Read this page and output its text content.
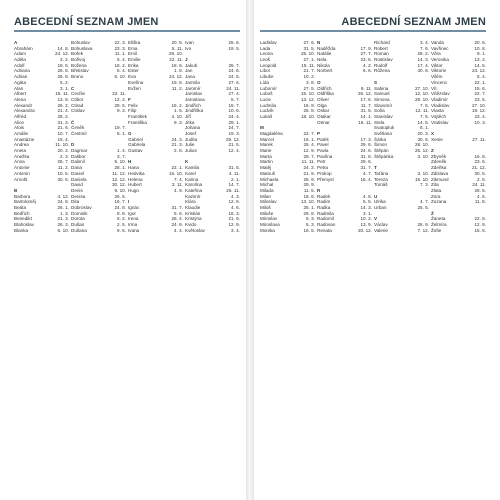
ABECEDNÍ SEZNAM JMEN
A
Abrahám	14. 8.
Adam	24. 12.
Adéla	3. 2.
Adolf	18. 6.
Adriana	26. 8.
Adrian	26. 8.
Agáta	5. 2.
Alan	3. 1.
Albert	15. 11.
Alena	13. 8.
Alexandr	26. 2.
Alexandra	21. 4.
Alfréd	28. 2.
Alice	31. 3.
Alois	21. 6.
Amálie	10. 7.
Anastázie	15. 4.
Andrea	11. 10.
Aneta	20. 2.
Anežka	2. 3.
Anna	26. 7.
Antonie	11. 2.
Antonín	10. 5.
Arnošt	30. 6.
B
Barbora	4. 12.
Bartoloměj	24. 8.
Beáta	26. 1.
Bedřich	1. 3.
Benedikt	21. 3.
Blahoslav	26. 3.
Blanka	6. 10.
Bohuslav	22. 3.
Bohuslava	23. 3.
Bořek	11. 1.
Bořivoj	6. 4.
Božena	18. 2.
Břetislav	6. 4.
Bruno	6. 10.
C
Cecílie	22. 11.
Ctibor	12. 2.
Ctirad	28. 6.
Ctislav	9. 3.
Č
Čeněk	19. 7.
Čestmír	5. 1.
D
Dagmar	1. 4.
Dalibor	3. 7.
Dalimil	5. 10.
Dana	28. 1.
Daniel	11. 12.
Daniela	12. 12.
David	30. 12.
Denis	9. 10.
Denisa	26. 5.
Dita	16. 7.
Dobroslav	24. 8.
Dominik	8. 8.
Dorota	6. 2.
Dušan	2. 5.
Dušana	9. 5.
Eliška	20. 5.
Ema	5. 11.
Emil	28. 10.
Emilie	22. 11.
Erika	18. 6.
Ester	1. 8.
Eva	24. 12.
Evelína	19. 8.
Evžen	11. 2.
F
Felix	15. 2.
Filip	1. 5.
František	4. 10.
Františka	9. 3.
G
Gabriel	24. 3.
Gabriela	21. 3.
Gustav	2. 8.
H
Hana	22. 1.
Hedvika	16. 10.
Helena	7. 4.
Hubert	3. 11.
Hugo	4. 9.
I
Ignác	31. 7.
Igor	5. 6.
Irena	28. 4.
Irma	24. 9.
Ivana	4. 4.
Ivan	25. 6.
Ivo	19. 5.
J
Jakub	25. 7.
Jan	24. 6.
Jana	24. 5.
Jarmila	27. 6.
Jaromír	24. 11.
Jaroslav	27. 4.
Jaroslava	5. 7.
Jindřich	15. 7.
Jindřiška	10. 6.
Jiří	24. 4.
Jitka	29. 1.
Johana	24. 7.
Josef	19. 3.
Judita	29. 12.
Julie	21. 5.
Julius	12. 4.
K
Kamila	31. 5.
Karel	4. 11.
Karina	2. 1.
Karolína	14. 7.
Kateřina	25. 11.
Kazimír	4. 3.
Klára	12. 8.
Klaudie	4. 6.
Kristián	16. 3.
Kristýna	21. 9.
Kvido	12. 9.
Květoslav	3. 4.
ABECEDNÍ SEZNAM JMEN
Ladislav	27. 6.
Lada	31. 5.
Leona	25. 10.
Leoš	27. 1.
Leopold	15. 11.
Libor	21. 7.
Libuše	10. 2.
Lída	3. 8.
Lubomír	27. 5.
Luboš	15. 10.
Lucie	13. 12.
Ludmila	16. 9.
Ludvík	25. 8.
Lukáš	18. 10.
M
Magdaléna	22. 7.
Marcel	16. 1.
Marek	25. 4.
Marie	12. 9.
Marta	29. 7.
Martin	11. 11.
Matěj	24. 2.
Matouš	21. 9.
Michaela	28. 9.
Michal	29. 9.
Milada	11. 5.
Milan	18. 6.
Miloslav	13. 10.
Miloš	25. 1.
Miluše	29. 8.
Miroslav	6. 3.
Miroslava	5. 3.
Monika	16. 5.
N
Naděžda	17. 9.
Natálie	27. 7.
Nela	23. 6.
Nikola	4. 2.
Norbert	6. 6.
O
Oldřich	9. 11.
Oldřiška	26. 12.
Oliver	17. 6.
Olga	11. 7.
Oskar	31. 5.
Otakar	14. 1.
Otmar	16. 11.
P
Patrik	17. 3.
Pavel	29. 6.
Pavla	24. 6.
Pavlína	31. 8.
Petr	29. 6.
Petra	31. 7.
Prokop	4. 7.
Přemysl	16. 4.
R
Radek	4. 6.
Radim	5. 5.
Radka	14. 3.
Radmila	3. 1.
Radomil	10. 2.
Radovan	13. 9.
Renata	20. 12.
Richard	3. 4.
Robert	7. 6.
Roman	28. 2.
Rostislav	14. 3.
Rudolf	17. 4.
Růžena	30. 8.
S
Sabina	27. 10.
Samuel	12. 10.
Simona	28. 10.
Slavomír	7. 5.
Soňa	12. 11.
Stanislav	7. 5.
Stela	14. 5.
Svatopluk	6. 1.
Světlana	20. 3.
Šárka	30. 6.
Šimon	28. 10.
Štěpán	26. 12.
Štěpánka	3. 10.
T
Taťána	3. 10.
Tereza	15. 10.
Tomáš	7. 3.
U
Ulrika	4. 7.
Urban	25. 5.
V
Václav	28. 9.
Valerie	7. 12.
Vanda	20. 5.
Vavřinec	10. 8.
Věra	9. 1.
Veronika	13. 2.
Viktor	14. 5.
Viktorie	23. 12.
Vilém	5. 4.
Vincenc	22. 1.
Vít	15. 6.
Vítězslav	22. 7.
Vladimír	23. 5.
Vladislav	27. 10.
Vlasta	19. 12.
Vojtěch	23. 4.
Vratislav	10. 3.
X
Xenie	27. 11.
Z
Zbyněk	16. 8.
Zdeněk	23. 6.
Zdeňka	21. 12.
Zdislava	30. 5.
Zikmund	2. 5.
Zita	24. 11.
Zlata	26. 5.
Zora	4. 6.
Zuzana	11. 8.
Ž
Žaneta	22. 8.
Želmíra	12. 9.
Žofie	15. 5.
